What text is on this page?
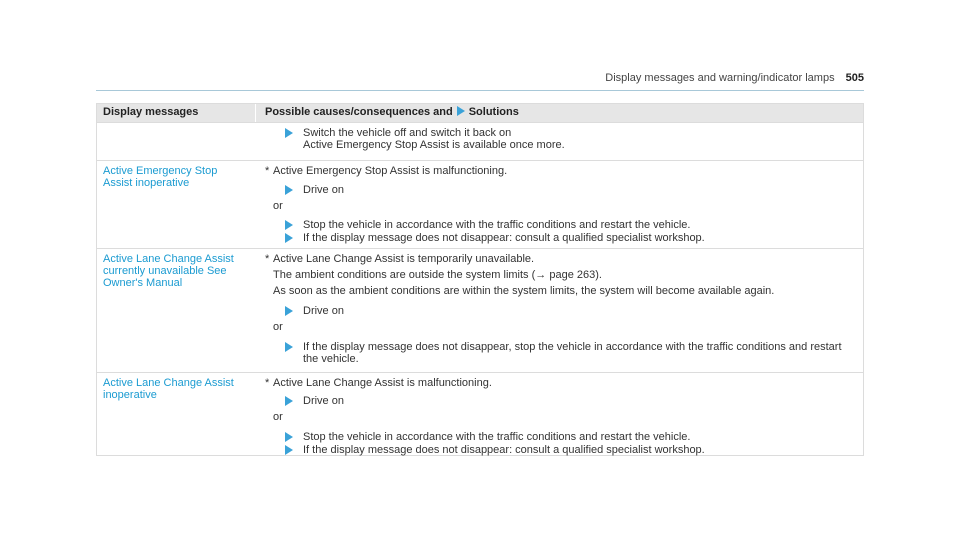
Display messages and warning/indicator lamps 505
Display messages	Possible causes/consequences and Solutions
Switch the vehicle off and switch it back on
Active Emergency Stop Assist is available once more.
Active Emergency Stop
Assist inoperative
* Active Emergency Stop Assist is malfunctioning.
Drive on
or
Stop the vehicle in accordance with the traffic conditions and restart the vehicle.
If the display message does not disappear: consult a qualified specialist workshop.
Active Lane Change Assist
currently unavailable See
Owner's Manual
* Active Lane Change Assist is temporarily unavailable.
The ambient conditions are outside the system limits (→ page 263).
As soon as the ambient conditions are within the system limits, the system will become available again.
Drive on
or
If the display message does not disappear, stop the vehicle in accordance with the traffic conditions and restart
the vehicle.
Active Lane Change Assist
inoperative
* Active Lane Change Assist is malfunctioning.
Drive on
or
Stop the vehicle in accordance with the traffic conditions and restart the vehicle.
If the display message does not disappear: consult a qualified specialist workshop.
